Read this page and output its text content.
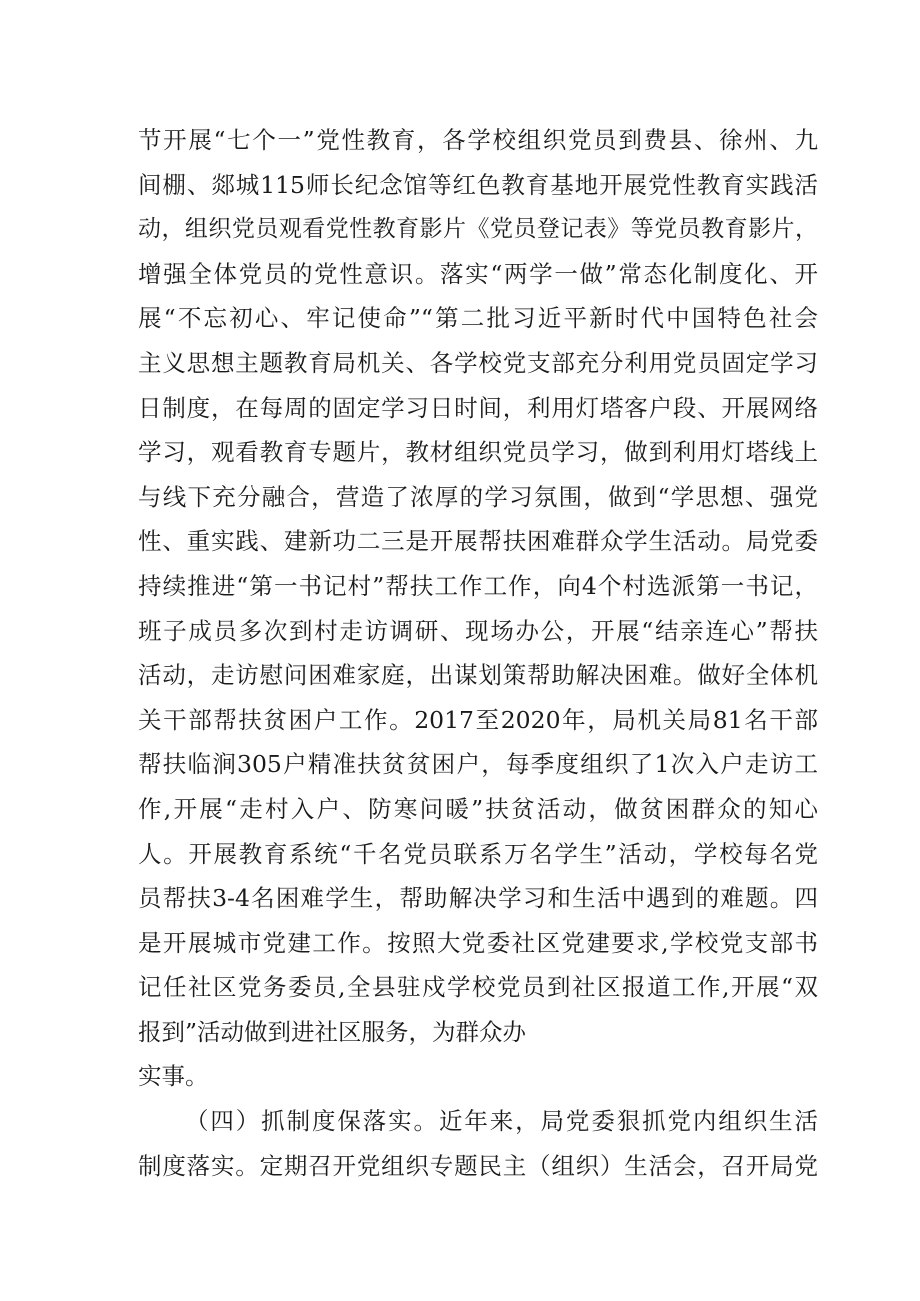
节开展“七个一”党性教育，各学校组织党员到费县、徐州、九
间棚、郯城115师长纪念馆等红色教育基地开展党性教育实践活
动，组织党员观看党性教育影片《党员登记表》等党员教育影片，
增强全体党员的党性意识。落实“两学一做”常态化制度化、开
展“不忘初心、牢记使命”“第二批习近平新时代中国特色社会
主义思想主题教育局机关、各学校党支部充分利用党员固定学习
日制度，在每周的固定学习日时间，利用灯塔客户段、开展网络
学习，观看教育专题片，教材组织党员学习，做到利用灯塔线上
与线下充分融合，营造了浓厚的学习氛围，做到“学思想、强党
性、重实践、建新功二三是开展帮扶困难群众学生活动。局党委
持续推进“第一书记村”帮扶工作工作，向4个村选派第一书记，
班子成员多次到村走访调研、现场办公，开展“结亲连心”帮扶
活动，走访慰问困难家庭，出谋划策帮助解决困难。做好全体机
关干部帮扶贫困户工作。2017至2020年，局机关局81名干部
帮扶临涧305户精准扶贫贫困户，每季度组织了1次入户走访工
作,开展“走村入户、防寒问暖”扶贫活动，做贫困群众的知心
人。开展教育系统“千名党员联系万名学生”活动，学校每名党
员帮扶3-4名困难学生，帮助解决学习和生活中遇到的难题。四
是开展城市党建工作。按照大党委社区党建要求,学校党支部书
记任社区党务委员,全县驻戍学校党员到社区报道工作,开展“双
报到”活动做到进社区服务，为群众办
实事。
（四）抓制度保落实。近年来，局党委狠抓党内组织生活
制度落实。定期召开党组织专题民主（组织）生活会，召开局党
